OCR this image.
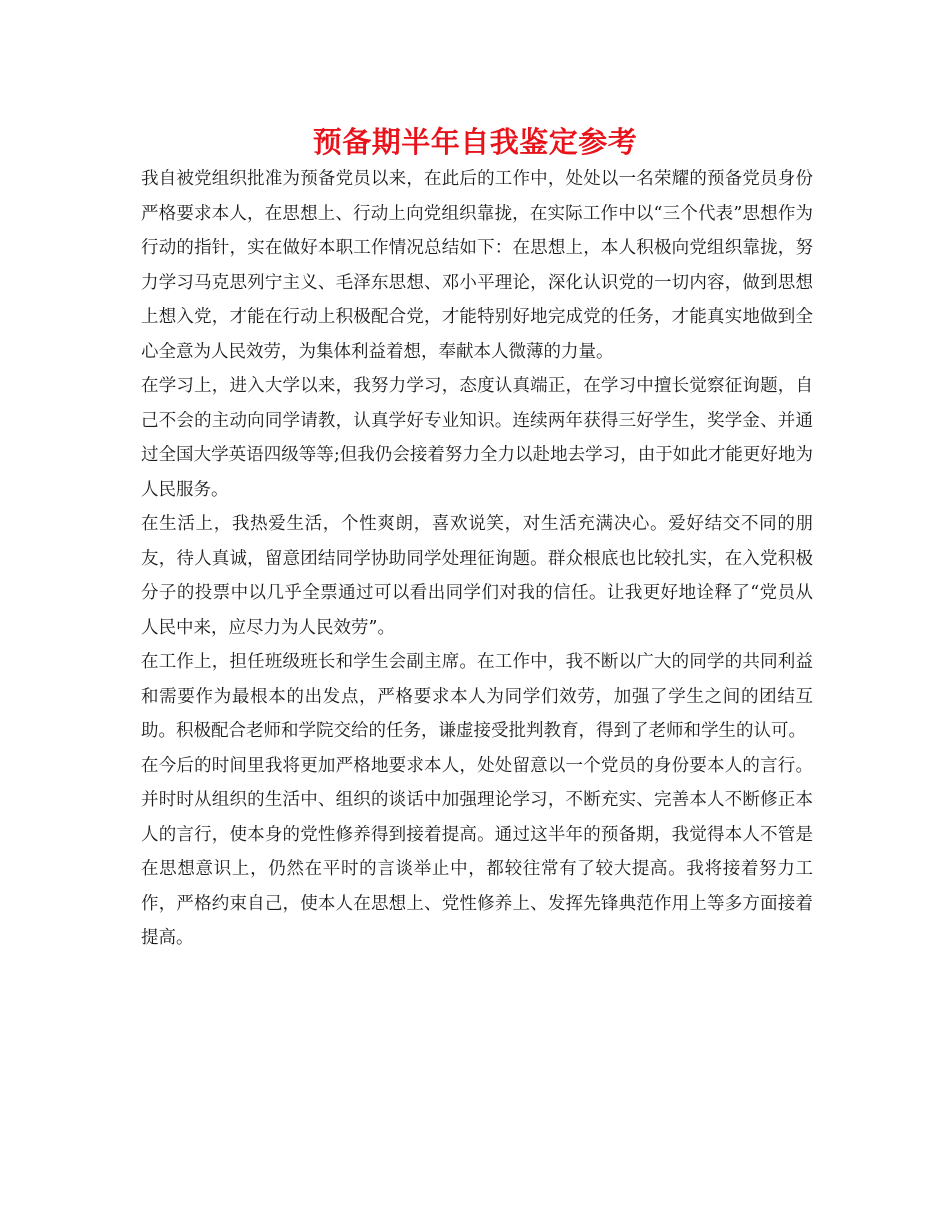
预备期半年自我鉴定参考

我自被党组织批准为预备党员以来，在此后的工作中，处处以一名荣耀的预备党员身份严格要求本人，在思想上、行动上向党组织靠拢，在实际工作中以“三个代表”思想作为行动的指针，实在做好本职工作情况总结如下：在思想上，本人积极向党组织靠拢，努力学习马克思列宁主义、毛泽东思想、邓小平理论，深化认识党的一切内容，做到思想上想入党，才能在行动上积极配合党，才能特别好地完成党的任务，才能真实地做到全心全意为人民效劳，为集体利益着想，奉献本人微薄的力量。

在学习上，进入大学以来，我努力学习，态度认真端正，在学习中擅长觉察征询题，自己不会的主动向同学请教，认真学好专业知识。连续两年获得三好学生，奖学金、并通过全国大学英语四级等等;但我仍会接着努力全力以赴地去学习，由于如此才能更好地为人民服务。

在生活上，我热爱生活，个性爽朗，喜欢说笑，对生活充满决心。爱好结交不同的朋友，待人真诚，留意团结同学协助同学处理征询题。群众根底也比较扎实，在入党积极分子的投票中以几乎全票通过可以看出同学们对我的信任。让我更好地诠释了“党员从人民中来，应尽力为人民效劳”。

在工作上，担任班级班长和学生会副主席。在工作中，我不断以广大的同学的共同利益和需要作为最根本的出发点，严格要求本人为同学们效劳，加强了学生之间的团结互助。积极配合老师和学院交给的任务，谦虚接受批判教育，得到了老师和学生的认可。

在今后的时间里我将更加严格地要求本人，处处留意以一个党员的身份要本人的言行。并时时从组织的生活中、组织的谈话中加强理论学习，不断充实、完善本人不断修正本人的言行，使本身的党性修养得到接着提高。通过这半年的预备期，我觉得本人不管是在思想意识上，仍然在平时的言谈举止中，都较往常有了较大提高。我将接着努力工作，严格约束自己，使本人在思想上、党性修养上、发挥先锋典范作用上等多方面接着提高。
